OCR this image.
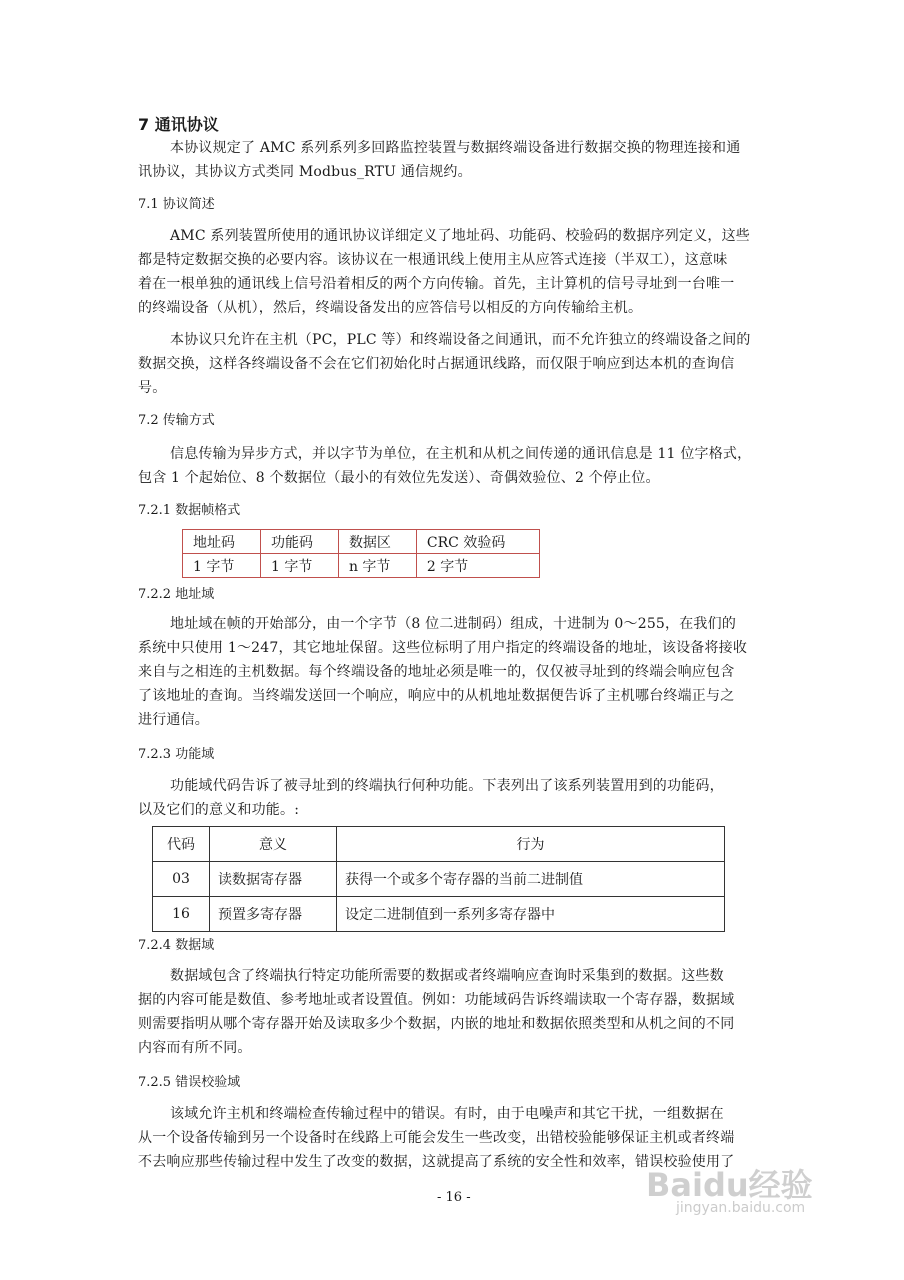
7 通讯协议
本协议规定了 AMC 系列系列多回路监控装置与数据终端设备进行数据交换的物理连接和通
讯协议，其协议方式类同 Modbus_RTU 通信规约。
7.1 协议简述
AMC 系列装置所使用的通讯协议详细定义了地址码、功能码、校验码的数据序列定义，这些
都是特定数据交换的必要内容。该协议在一根通讯线上使用主从应答式连接（半双工），这意味
着在一根单独的通讯线上信号沿着相反的两个方向传输。首先，主计算机的信号寻址到一台唯一
的终端设备（从机），然后，终端设备发出的应答信号以相反的方向传输给主机。
本协议只允许在主机（PC，PLC 等）和终端设备之间通讯，而不允许独立的终端设备之间的
数据交换，这样各终端设备不会在它们初始化时占据通讯线路，而仅限于响应到达本机的查询信
号。
7.2 传输方式
信息传输为异步方式，并以字节为单位，在主机和从机之间传递的通讯信息是 11 位字格式，
包含 1 个起始位、8 个数据位（最小的有效位先发送）、奇偶效验位、2 个停止位。
7.2.1 数据帧格式
地址码	功能码	数据区	CRC 效验码
1 字节	1 字节	n 字节	2 字节
7.2.2 地址域
地址域在帧的开始部分，由一个字节（8 位二进制码）组成，十进制为 0～255，在我们的
系统中只使用 1～247，其它地址保留。这些位标明了用户指定的终端设备的地址，该设备将接收
来自与之相连的主机数据。每个终端设备的地址必须是唯一的，仅仅被寻址到的终端会响应包含
了该地址的查询。当终端发送回一个响应，响应中的从机地址数据便告诉了主机哪台终端正与之
进行通信。
7.2.3 功能域
功能域代码告诉了被寻址到的终端执行何种功能。下表列出了该系列装置用到的功能码，
以及它们的意义和功能。:
代码	意义	行为
03	读数据寄存器	获得一个或多个寄存器的当前二进制值
16	预置多寄存器	设定二进制值到一系列多寄存器中
7.2.4 数据域
数据域包含了终端执行特定功能所需要的数据或者终端响应查询时采集到的数据。这些数
据的内容可能是数值、参考地址或者设置值。例如：功能域码告诉终端读取一个寄存器，数据域
则需要指明从哪个寄存器开始及读取多少个数据，内嵌的地址和数据依照类型和从机之间的不同
内容而有所不同。
7.2.5 错误校验域
该域允许主机和终端检查传输过程中的错误。有时，由于电噪声和其它干扰，一组数据在
从一个设备传输到另一个设备时在线路上可能会发生一些改变，出错校验能够保证主机或者终端
不去响应那些传输过程中发生了改变的数据，这就提高了系统的安全性和效率，错误校验使用了
- 16 -	Baidu经验
jingyan.baidu.com
